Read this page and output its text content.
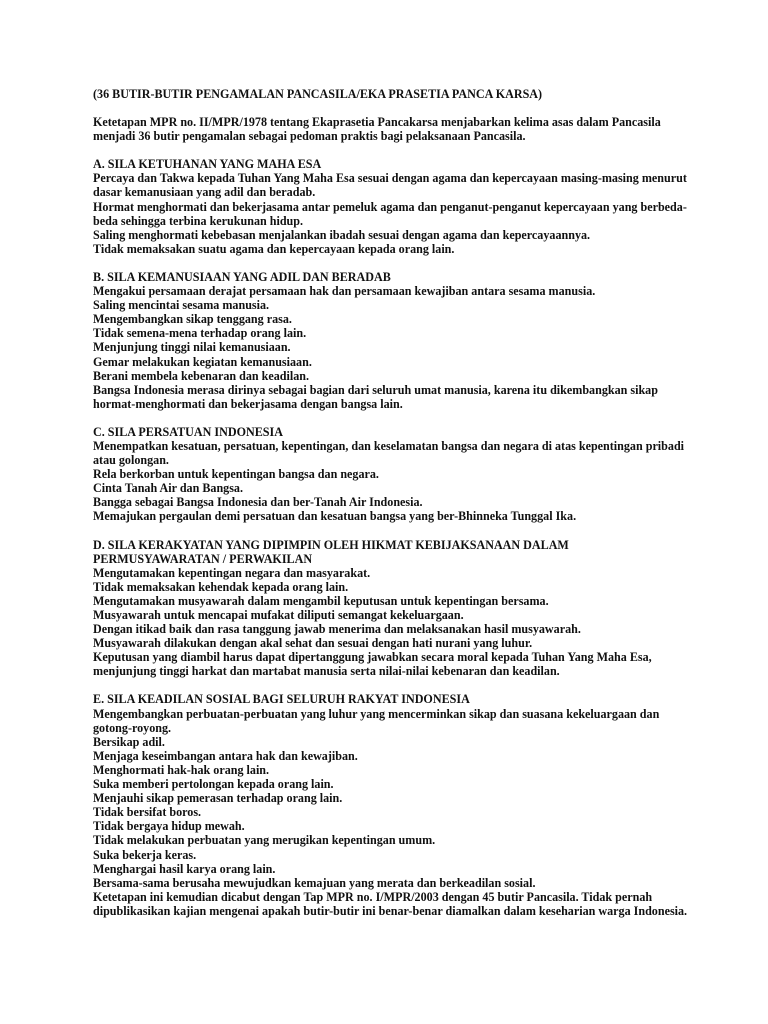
(36 BUTIR-BUTIR PENGAMALAN PANCASILA/EKA PRASETIA PANCA KARSA)
Ketetapan MPR no. II/MPR/1978 tentang Ekaprasetia Pancakarsa menjabarkan kelima asas dalam Pancasila menjadi 36 butir pengamalan sebagai pedoman praktis bagi pelaksanaan Pancasila.
A. SILA KETUHANAN YANG MAHA ESA
Percaya dan Takwa kepada Tuhan Yang Maha Esa sesuai dengan agama dan kepercayaan masing-masing menurut dasar kemanusiaan yang adil dan beradab.
Hormat menghormati dan bekerjasama antar pemeluk agama dan penganut-penganut kepercayaan yang berbeda-beda sehingga terbina kerukunan hidup.
Saling menghormati kebebasan menjalankan ibadah sesuai dengan agama dan kepercayaannya.
Tidak memaksakan suatu agama dan kepercayaan kepada orang lain.
B. SILA KEMANUSIAAN YANG ADIL DAN BERADAB
Mengakui persamaan derajat persamaan hak dan persamaan kewajiban antara sesama manusia.
Saling mencintai sesama manusia.
Mengembangkan sikap tenggang rasa.
Tidak semena-mena terhadap orang lain.
Menjunjung tinggi nilai kemanusiaan.
Gemar melakukan kegiatan kemanusiaan.
Berani membela kebenaran dan keadilan.
Bangsa Indonesia merasa dirinya sebagai bagian dari seluruh umat manusia, karena itu dikembangkan sikap hormat-menghormati dan bekerjasama dengan bangsa lain.
C. SILA PERSATUAN INDONESIA
Menempatkan kesatuan, persatuan, kepentingan, dan keselamatan bangsa dan negara di atas kepentingan pribadi atau golongan.
Rela berkorban untuk kepentingan bangsa dan negara.
Cinta Tanah Air dan Bangsa.
Bangga sebagai Bangsa Indonesia dan ber-Tanah Air Indonesia.
Memajukan pergaulan demi persatuan dan kesatuan bangsa yang ber-Bhinneka Tunggal Ika.
D. SILA KERAKYATAN YANG DIPIMPIN OLEH HIKMAT KEBIJAKSANAAN DALAM PERMUSYAWARATAN / PERWAKILAN
Mengutamakan kepentingan negara dan masyarakat.
Tidak memaksakan kehendak kepada orang lain.
Mengutamakan musyawarah dalam mengambil keputusan untuk kepentingan bersama.
Musyawarah untuk mencapai mufakat diliputi semangat kekeluargaan.
Dengan itikad baik dan rasa tanggung jawab menerima dan melaksanakan hasil musyawarah.
Musyawarah dilakukan dengan akal sehat dan sesuai dengan hati nurani yang luhur.
Keputusan yang diambil harus dapat dipertanggung jawabkan secara moral kepada Tuhan Yang Maha Esa, menjunjung tinggi harkat dan martabat manusia serta nilai-nilai kebenaran dan keadilan.
E. SILA KEADILAN SOSIAL BAGI SELURUH RAKYAT INDONESIA
Mengembangkan perbuatan-perbuatan yang luhur yang mencerminkan sikap dan suasana kekeluargaan dan gotong-royong.
Bersikap adil.
Menjaga keseimbangan antara hak dan kewajiban.
Menghormati hak-hak orang lain.
Suka memberi pertolongan kepada orang lain.
Menjauhi sikap pemerasan terhadap orang lain.
Tidak bersifat boros.
Tidak bergaya hidup mewah.
Tidak melakukan perbuatan yang merugikan kepentingan umum.
Suka bekerja keras.
Menghargai hasil karya orang lain.
Bersama-sama berusaha mewujudkan kemajuan yang merata dan berkeadilan sosial.
Ketetapan ini kemudian dicabut dengan Tap MPR no. I/MPR/2003 dengan 45 butir Pancasila. Tidak pernah dipublikasikan kajian mengenai apakah butir-butir ini benar-benar diamalkan dalam keseharian warga Indonesia.
